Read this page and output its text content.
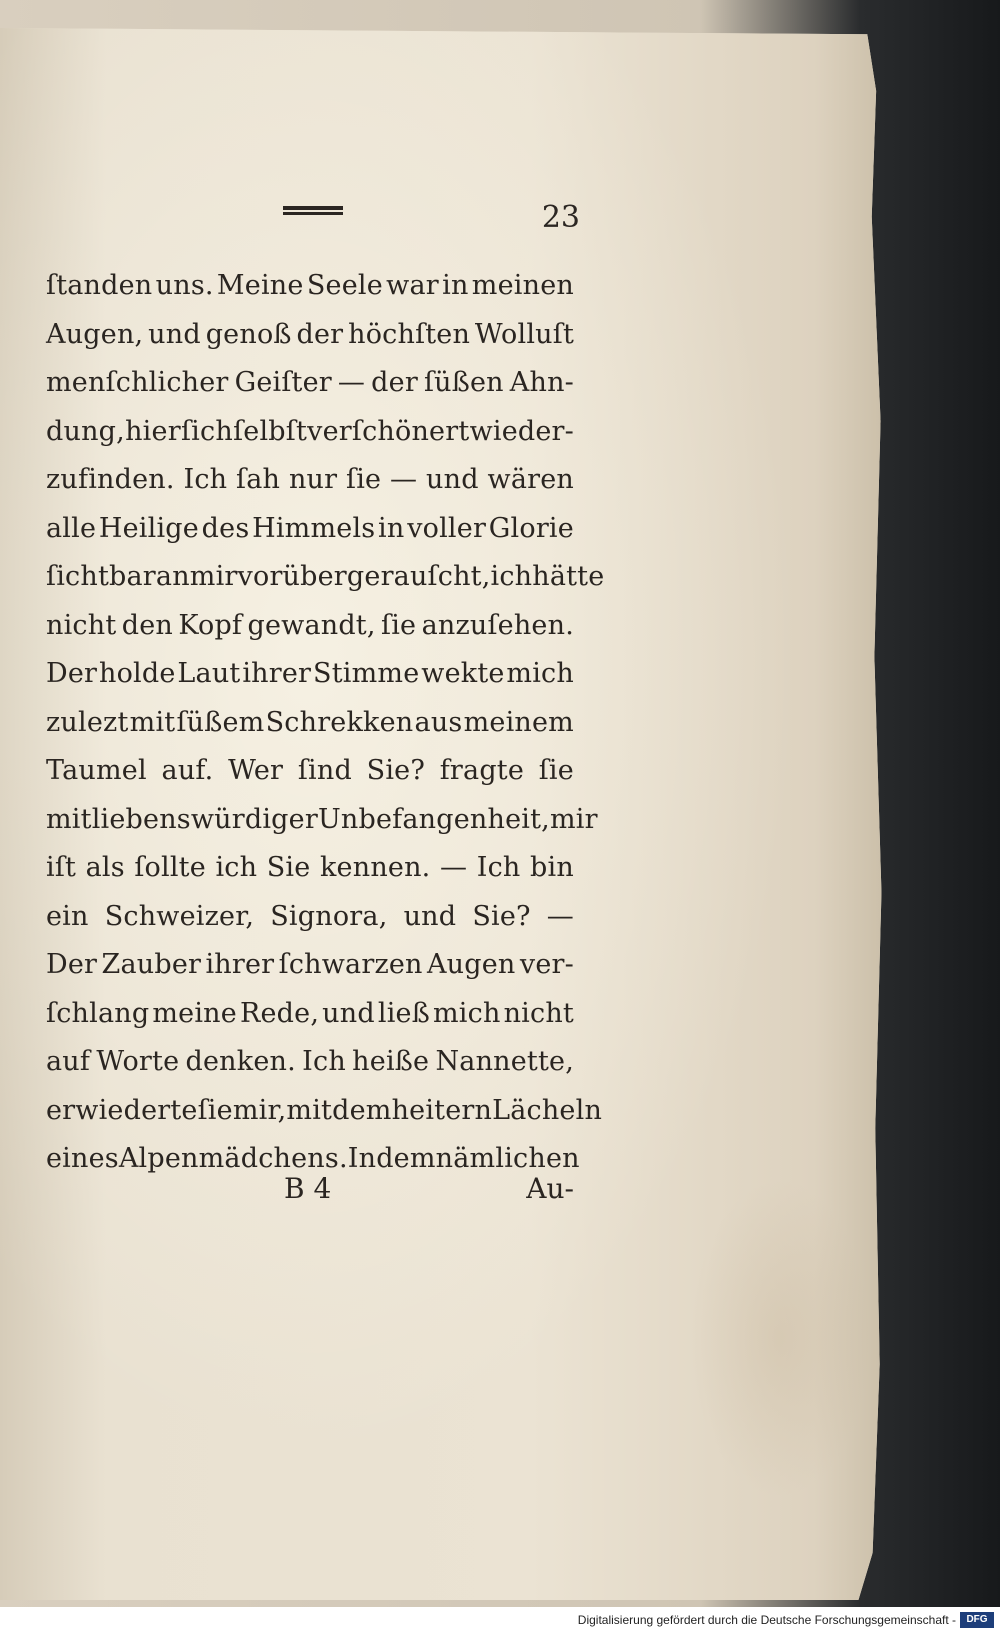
23
ſtanden uns. Meine Seele war in meinen
Augen, und genoß der höchſten Wolluſt
menſchlicher Geiſter — der ſüßen Ahn-
dung, hier ſich ſelbſt verſchönert wieder-
zufinden. Ich ſah nur ſie — und wären
alle Heilige des Himmels in voller Glorie
ſichtbar an mir vorübergerauſcht, ich hätte
nicht den Kopf gewandt, ſie anzuſehen.
Der holde Laut ihrer Stimme wekte mich
zulezt mit ſüßem Schrekken aus meinem
Taumel auf. Wer ſind Sie? fragte ſie
mit liebenswürdiger Unbefangenheit, mir
iſt als ſollte ich Sie kennen. — Ich bin
ein Schweizer, Signora, und Sie? —
Der Zauber ihrer ſchwarzen Augen ver-
ſchlang meine Rede, und ließ mich nicht
auf Worte denken. Ich heiße Nannette,
erwiederte ſie mir, mit dem heitern Lächeln
eines Alpenmädchens. In dem nämlichen
B 4	Au-
Digitalisierung gefördert durch die Deutsche Forschungsgemeinschaft -	DFG
